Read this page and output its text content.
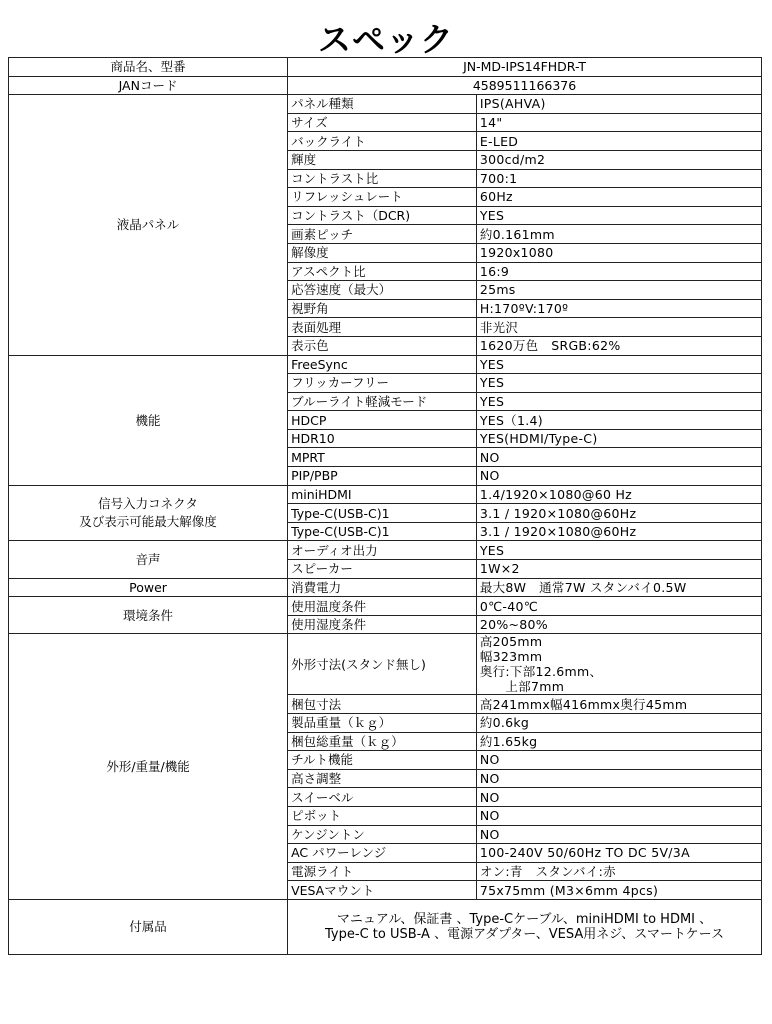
スペック
商品名、型番	JN-MD-IPS14FHDR-T	
JANコード	4589511166376	
液晶パネル	パネル種類	IPS(AHVA)
	サイズ	14"
	バックライト	E-LED
	輝度	300cd/m2
	コントラスト比	700:1
	リフレッシュレート	60Hz
	コントラスト（DCR)	YES
	画素ピッチ	約0.161mm
	解像度	1920x1080
	アスペクト比	16:9
	応答速度（最大）	25ms
	視野角	H:170ºV:170º
	表面処理	非光沢
	表示色	1620万色　SRGB:62%
機能	FreeSync	YES
	フリッカーフリー	YES
	ブルーライト軽減モード	YES
	HDCP	YES（1.4)
	HDR10	YES(HDMI/Type-C)
	MPRT	NO
	PIP/PBP	NO

信号入力コネクタ
及び表示可能最大解像度	miniHDMI	1.4/1920×1080@60 Hz
	Type-C(USB-C)1	3.1 / 1920×1080@60Hz
	Type-C(USB-C)1	3.1 / 1920×1080@60Hz
音声	オーディオ出力	YES
	スピーカー	1W×2
Power	消費電力	最大8W　通常7W スタンバイ0.5W
環境条件	使用温度条件	0℃-40℃
	使用湿度条件	20%~80%
外形/重量/機能	外形寸法(スタンド無し)	高205mm
幅323mm
奥行:下部12.6mm、
　　上部7mm

	梱包寸法	高241mmx幅416mmx奥行45mm
	製品重量（ｋｇ）	約0.6kg
	梱包総重量（ｋｇ）	約1.65kg
	チルト機能	NO
	高さ調整	NO
	スイーベル	NO
	ピボット	NO
	ケンジントン	NO
	AC パワーレンジ	100-240V 50/60Hz TO DC 5V/3A
	電源ライト	オン:青　スタンバイ:赤
	VESAマウント	75x75mm (M3×6mm 4pcs)
付属品	マニュアル、保証書 、Type-Cケーブル、miniHDMI to HDMI 、
Type-C to USB-A 、電源アダプター、VESA用ネジ、スマートケース	
